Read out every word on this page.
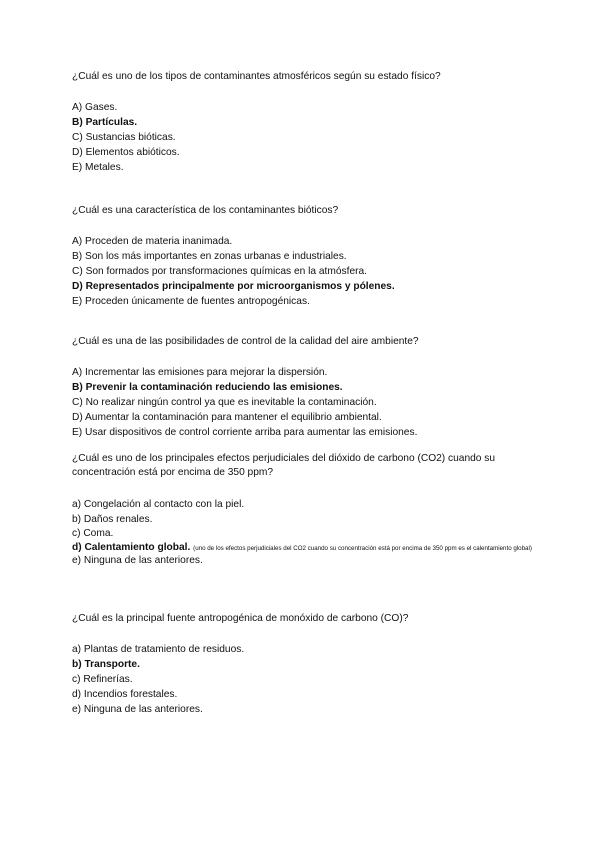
¿Cuál es uno de los tipos de contaminantes atmosféricos según su estado físico?
A) Gases.
B) Partículas.
C) Sustancias bióticas.
D) Elementos abióticos.
E) Metales.
¿Cuál es una característica de los contaminantes bióticos?
A) Proceden de materia inanimada.
B) Son los más importantes en zonas urbanas e industriales.
C) Son formados por transformaciones químicas en la atmósfera.
D) Representados principalmente por microorganismos y pólenes.
E) Proceden únicamente de fuentes antropogénicas.
¿Cuál es una de las posibilidades de control de la calidad del aire ambiente?
A) Incrementar las emisiones para mejorar la dispersión.
B) Prevenir la contaminación reduciendo las emisiones.
C) No realizar ningún control ya que es inevitable la contaminación.
D) Aumentar la contaminación para mantener el equilibrio ambiental.
E) Usar dispositivos de control corriente arriba para aumentar las emisiones.
¿Cuál es uno de los principales efectos perjudiciales del dióxido de carbono (CO2) cuando su concentración está por encima de 350 ppm?
a) Congelación al contacto con la piel.
b) Daños renales.
c) Coma.
d) Calentamiento global. (uno de los efectos perjudiciales del CO2 cuando su concentración está por encima de 350 ppm es el calentamiento global)
e) Ninguna de las anteriores.
¿Cuál es la principal fuente antropogénica de monóxido de carbono (CO)?
a) Plantas de tratamiento de residuos.
b) Transporte.
c) Refinerías.
d) Incendios forestales.
e) Ninguna de las anteriores.
